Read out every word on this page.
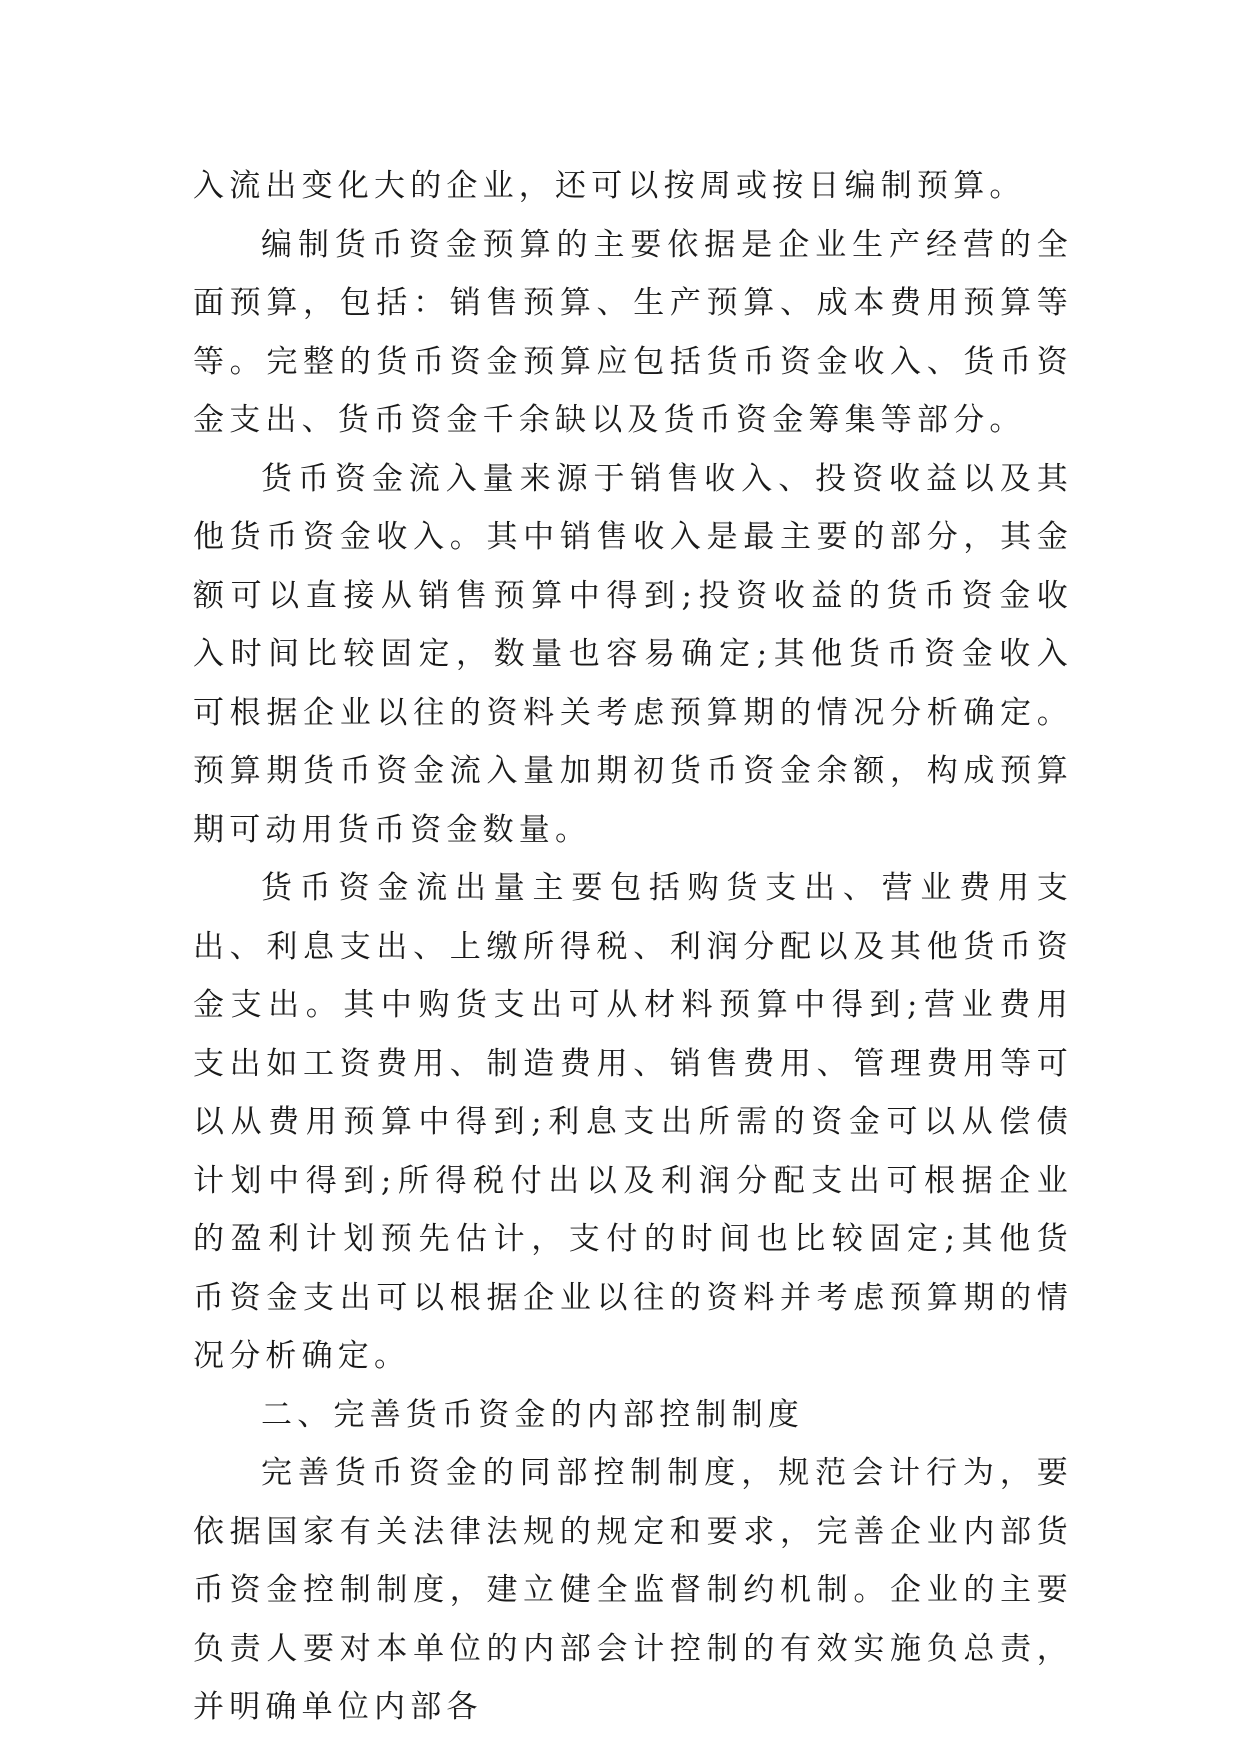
入流出变化大的企业，还可以按周或按日编制预算。

编制货币资金预算的主要依据是企业生产经营的全面预算，包括：销售预算、生产预算、成本费用预算等等。完整的货币资金预算应包括货币资金收入、货币资金支出、货币资金千余缺以及货币资金筹集等部分。

货币资金流入量来源于销售收入、投资收益以及其他货币资金收入。其中销售收入是最主要的部分，其金额可以直接从销售预算中得到;投资收益的货币资金收入时间比较固定，数量也容易确定;其他货币资金收入可根据企业以往的资料关考虑预算期的情况分析确定。预算期货币资金流入量加期初货币资金余额，构成预算期可动用货币资金数量。

货币资金流出量主要包括购货支出、营业费用支出、利息支出、上缴所得税、利润分配以及其他货币资金支出。其中购货支出可从材料预算中得到;营业费用支出如工资费用、制造费用、销售费用、管理费用等可以从费用预算中得到;利息支出所需的资金可以从偿债计划中得到;所得税付出以及利润分配支出可根据企业的盈利计划预先估计，支付的时间也比较固定;其他货币资金支出可以根据企业以往的资料并考虑预算期的情况分析确定。

二、完善货币资金的内部控制制度

完善货币资金的同部控制制度，规范会计行为，要依据国家有关法律法规的规定和要求，完善企业内部货币资金控制制度，建立健全监督制约机制。企业的主要负责人要对本单位的内部会计控制的有效实施负总责，并明确单位内部各
